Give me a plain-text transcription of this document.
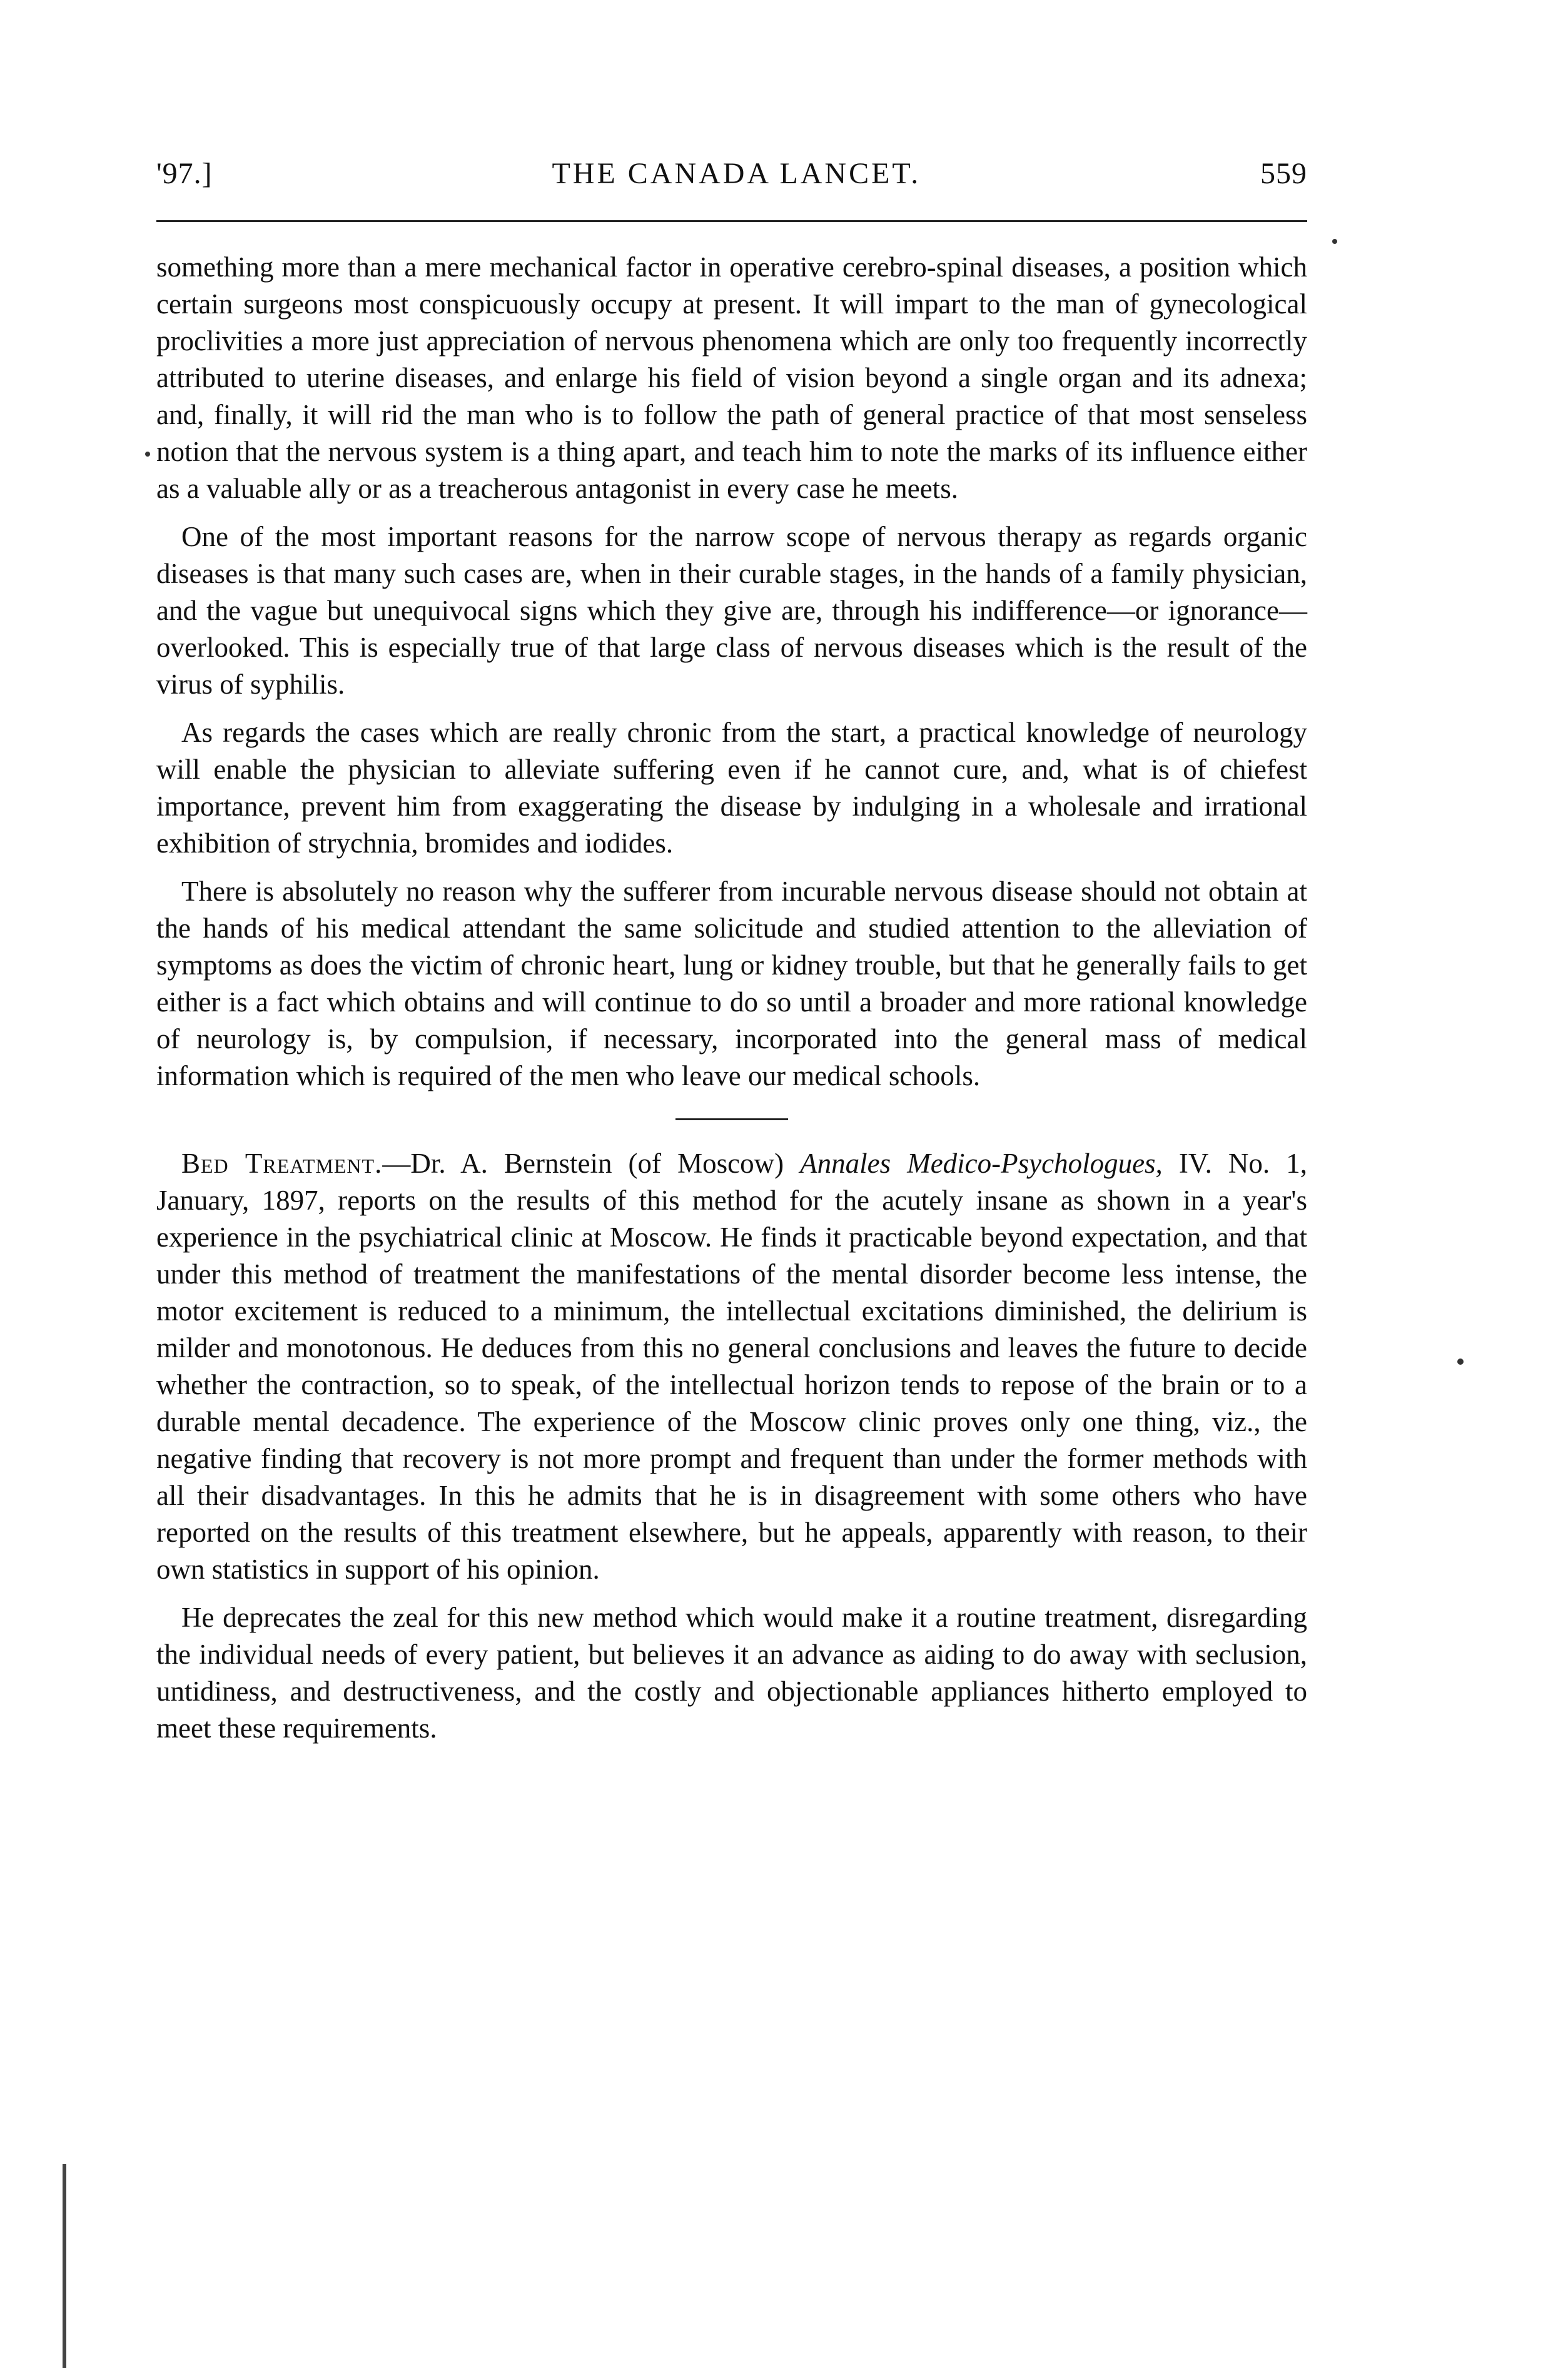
'97.]	THE CANADA LANCET.	559

something more than a mere mechanical factor in operative cerebro-spinal diseases, a position which certain surgeons most conspicuously occupy at present. It will impart to the man of gynecological proclivities a more just appreciation of nervous phenomena which are only too frequently incorrectly attributed to uterine diseases, and enlarge his field of vision beyond a single organ and its adnexa; and, finally, it will rid the man who is to follow the path of general practice of that most senseless notion that the nervous system is a thing apart, and teach him to note the marks of its influence either as a valuable ally or as a treacherous antagonist in every case he meets.

One of the most important reasons for the narrow scope of nervous therapy as regards organic diseases is that many such cases are, when in their curable stages, in the hands of a family physician, and the vague but unequivocal signs which they give are, through his indifference—or ignorance—overlooked. This is especially true of that large class of nervous diseases which is the result of the virus of syphilis.

As regards the cases which are really chronic from the start, a practical knowledge of neurology will enable the physician to alleviate suffering even if he cannot cure, and, what is of chiefest importance, prevent him from exaggerating the disease by indulging in a wholesale and irrational exhibition of strychnia, bromides and iodides.

There is absolutely no reason why the sufferer from incurable nervous disease should not obtain at the hands of his medical attendant the same solicitude and studied attention to the alleviation of symptoms as does the victim of chronic heart, lung or kidney trouble, but that he generally fails to get either is a fact which obtains and will continue to do so until a broader and more rational knowledge of neurology is, by compulsion, if necessary, incorporated into the general mass of medical information which is required of the men who leave our medical schools.

Bed Treatment.—Dr. A. Bernstein (of Moscow) Annales Medico-Psychologues, IV. No. 1, January, 1897, reports on the results of this method for the acutely insane as shown in a year's experience in the psychiatrical clinic at Moscow. He finds it practicable beyond expectation, and that under this method of treatment the manifestations of the mental disorder become less intense, the motor excitement is reduced to a minimum, the intellectual excitations diminished, the delirium is milder and monotonous. He deduces from this no general conclusions and leaves the future to decide whether the contraction, so to speak, of the intellectual horizon tends to repose of the brain or to a durable mental decadence. The experience of the Moscow clinic proves only one thing, viz., the negative finding that recovery is not more prompt and frequent than under the former methods with all their disadvantages. In this he admits that he is in disagreement with some others who have reported on the results of this treatment elsewhere, but he appeals, apparently with reason, to their own statistics in support of his opinion.

He deprecates the zeal for this new method which would make it a routine treatment, disregarding the individual needs of every patient, but believes it an advance as aiding to do away with seclusion, untidiness, and destructiveness, and the costly and objectionable appliances hitherto employed to meet these requirements.
